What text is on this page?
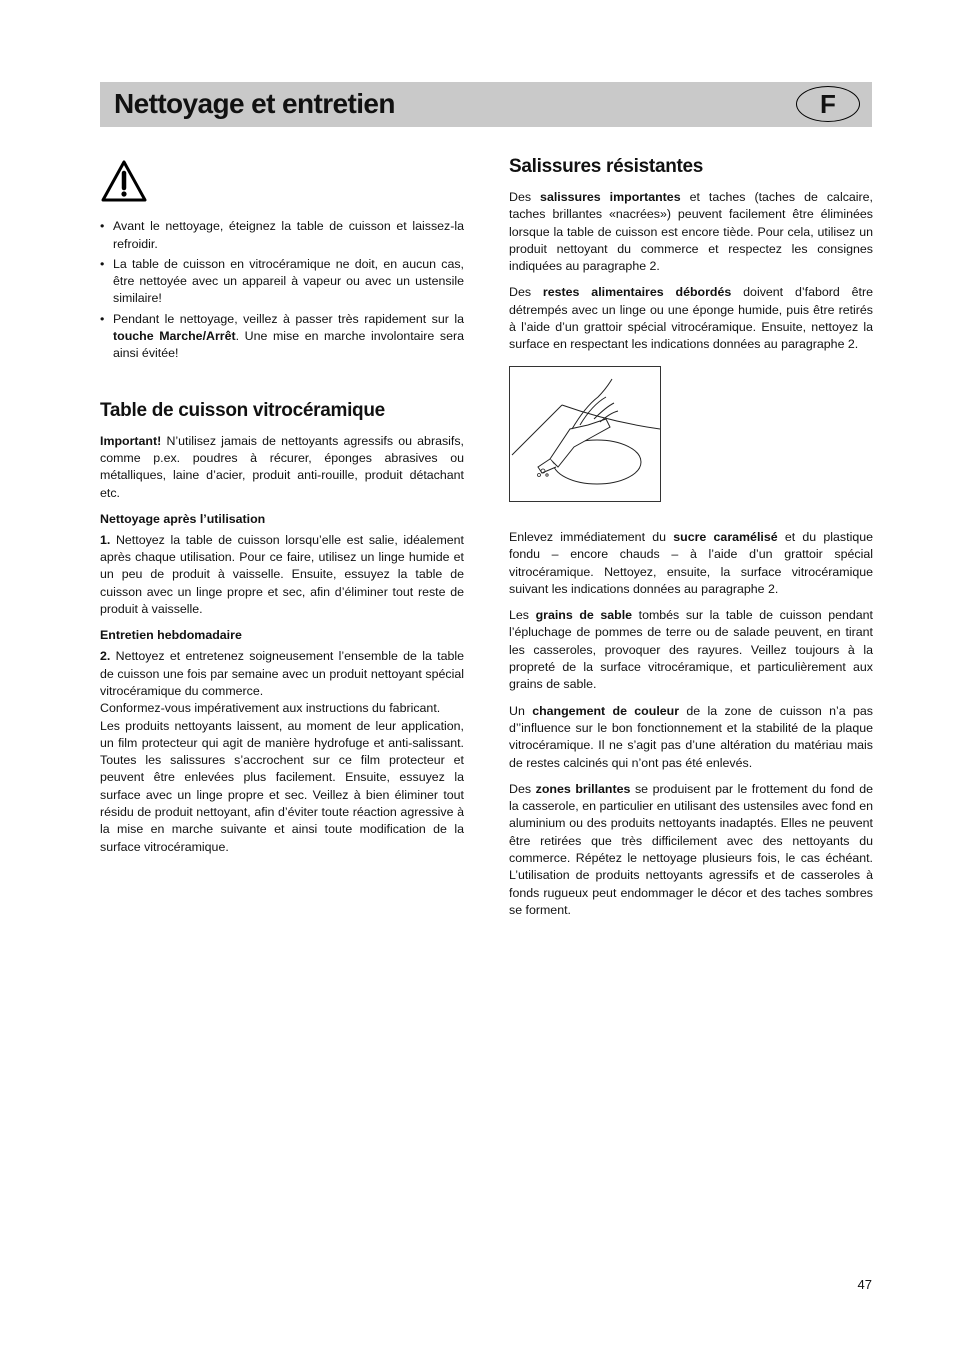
Nettoyage et entretien	F
• Avant le nettoyage, éteignez la table de cuisson et laissez-la refroidir.
• La table de cuisson en vitrocéramique ne doit, en aucun cas, être nettoyée avec un appareil à vapeur ou avec un ustensile similaire!
• Pendant le nettoyage, veillez à passer très rapidement sur la touche Marche/Arrêt. Une mise en marche involontaire sera ainsi évitée!
Table de cuisson vitrocéramique

Important! N’utilisez jamais de nettoyants agressifs ou abrasifs, comme p.ex. poudres à récurer, éponges abrasives ou métalliques, laine d’acier, produit anti-rouille, produit détachant etc.

Nettoyage après l’utilisation

1. Nettoyez la table de cuisson lorsqu’elle est salie, idéalement après chaque utilisation. Pour ce faire, utilisez un linge humide et un peu de produit à vaisselle. Ensuite, essuyez la table de cuisson avec un linge propre et sec, afin d’éliminer tout reste de produit à vaisselle.

Entretien hebdomadaire

2. Nettoyez et entretenez soigneusement l’ensemble de la table de cuisson une fois par semaine avec un produit nettoyant spécial vitrocéramique du commerce.

Conformez-vous impérativement aux instructions du fabricant.

Les produits nettoyants laissent, au moment de leur application, un film protecteur qui agit de manière hydrofuge et anti-salissant. Toutes les salissures s’accrochent sur ce film protecteur et peuvent être enlevées plus facilement. Ensuite, essuyez la surface avec un linge propre et sec. Veillez à bien éliminer tout résidu de produit nettoyant, afin d’éviter toute réaction agressive à la mise en marche suivante et ainsi toute modification de la surface vitrocéramique.

Salissures résistantes

Des salissures importantes et taches (taches de calcaire, taches brillantes «nacrées») peuvent facilement être éliminées lorsque la table de cuisson est encore tiède. Pour cela, utilisez un produit nettoyant du commerce et respectez les consignes indiquées au paragraphe 2.

Des restes alimentaires débordés doivent d’fabord être détrempés avec un linge ou une éponge humide, puis être retirés à l’aide d’un grattoir spécial vitrocéramique. Ensuite, nettoyez la surface en respectant les indications données au paragraphe 2.

Enlevez immédiatement du sucre caramélisé et du plastique fondu – encore chauds – à l’aide d’un grattoir spécial vitrocéramique. Nettoyez, ensuite, la surface vitrocéramique suivant les indications données au paragraphe 2.

Les grains de sable tombés sur la table de cuisson pendant l’épluchage de pommes de terre ou de salade peuvent, en tirant les casseroles, provoquer des rayures. Veillez toujours à la propreté de la surface vitrocéramique, et particulièrement aux grains de sable.

Un changement de couleur de la zone de cuisson n’a pas d’’influence sur le bon fonctionnement et la stabilité de la plaque vitrocéramique. Il ne s’agit pas d’une altération du matériau mais de restes calcinés qui n’ont pas été enlevés.

Des zones brillantes se produisent par le frottement du fond de la casserole, en particulier en utilisant des ustensiles avec fond en aluminium ou des produits nettoyants inadaptés. Elles ne peuvent être retirées que très difficilement avec des nettoyants du commerce. Répétez le nettoyage plusieurs fois, le cas échéant. L’utilisation de produits nettoyants agressifs et de casseroles à fonds rugueux peut endommager le décor et des taches sombres se forment.

47
